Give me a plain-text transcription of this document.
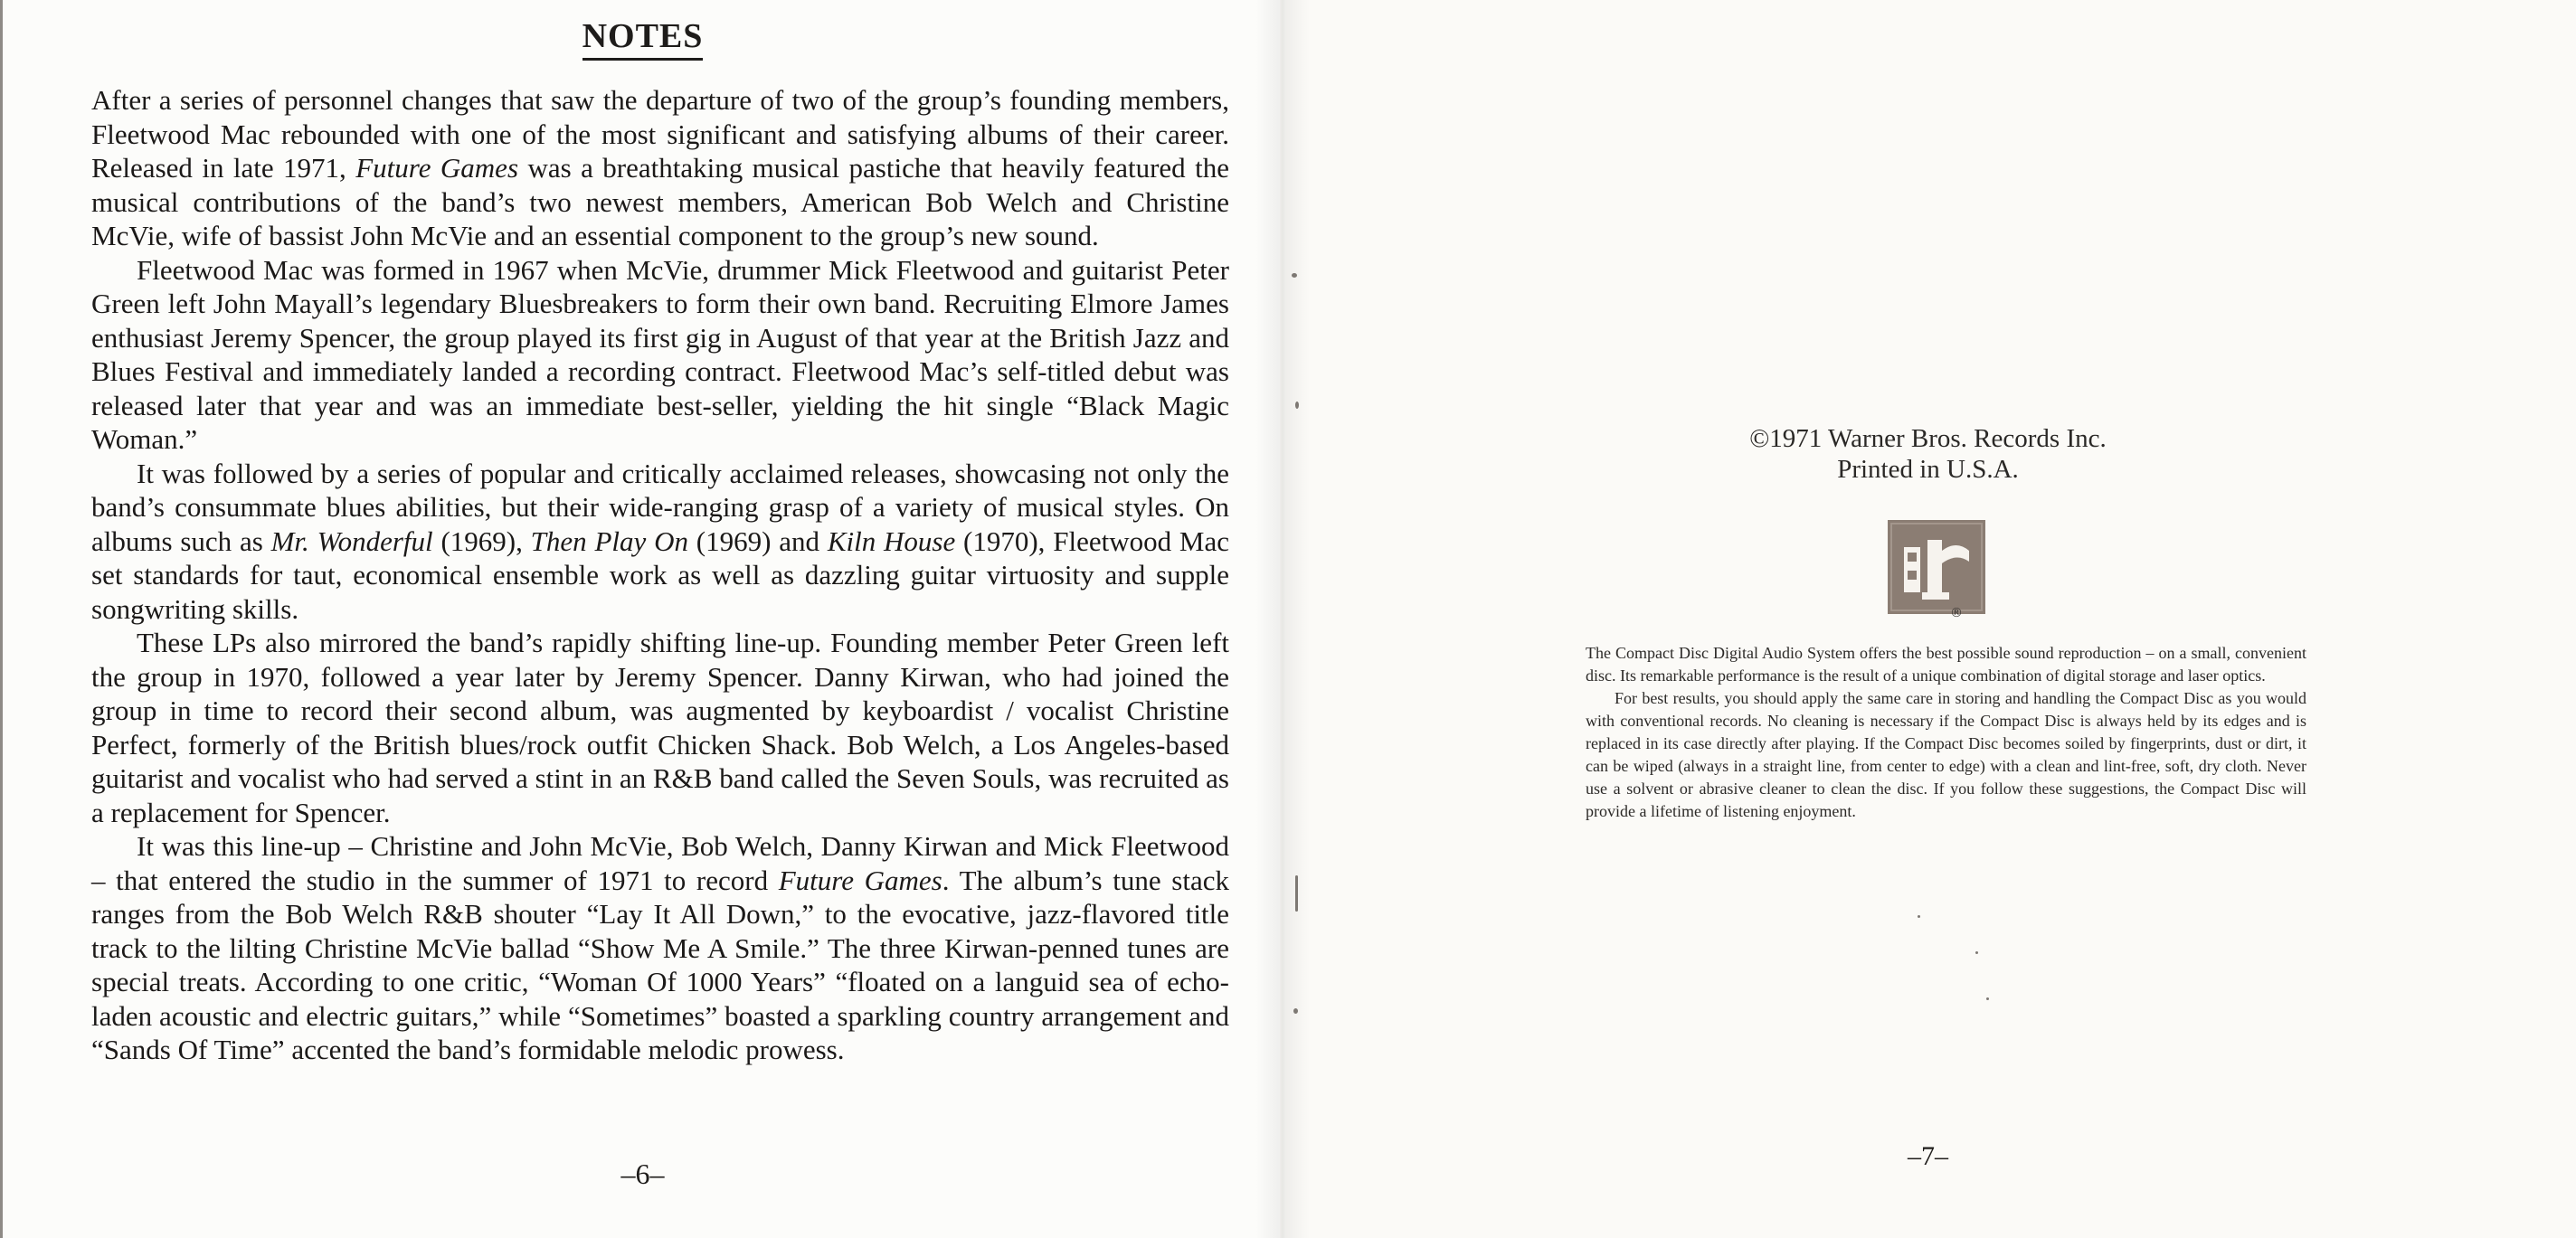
NOTES

After a series of personnel changes that saw the departure of two of the group’s founding members, Fleetwood Mac rebounded with one of the most significant and satisfying albums of their career. Released in late 1971, Future Games was a breathtaking musical pastiche that heavily featured the musical contributions of the band’s two newest members, American Bob Welch and Christine McVie, wife of bassist John McVie and an essential component to the group’s new sound.

Fleetwood Mac was formed in 1967 when McVie, drummer Mick Fleetwood and guitarist Peter Green left John Mayall’s legendary Bluesbreakers to form their own band. Recruiting Elmore James enthusiast Jeremy Spencer, the group played its first gig in August of that year at the British Jazz and Blues Festival and immediately landed a recording contract. Fleetwood Mac’s self-titled debut was released later that year and was an immediate best-seller, yielding the hit single “Black Magic Woman.”

It was followed by a series of popular and critically acclaimed releases, showcasing not only the band’s consummate blues abilities, but their wide-ranging grasp of a variety of musical styles. On albums such as Mr. Wonderful (1969), Then Play On (1969) and Kiln House (1970), Fleetwood Mac set standards for taut, economical ensemble work as well as dazzling guitar virtuosity and supple songwriting skills.

These LPs also mirrored the band’s rapidly shifting line-up. Founding member Peter Green left the group in 1970, followed a year later by Jeremy Spencer. Danny Kirwan, who had joined the group in time to record their second album, was augmented by keyboardist / vocalist Christine Perfect, formerly of the British blues/rock outfit Chicken Shack. Bob Welch, a Los Angeles-based guitarist and vocalist who had served a stint in an R&B band called the Seven Souls, was recruited as a replacement for Spencer.

It was this line-up – Christine and John McVie, Bob Welch, Danny Kirwan and Mick Fleetwood – that entered the studio in the summer of 1971 to record Future Games. The album’s tune stack ranges from the Bob Welch R&B shouter “Lay It All Down,” to the evocative, jazz-flavored title track to the lilting Christine McVie ballad “Show Me A Smile.” The three Kirwan-penned tunes are special treats. According to one critic, “Woman Of 1000 Years” “floated on a languid sea of echo-laden acoustic and electric guitars,” while “Sometimes” boasted a sparkling country arrangement and “Sands Of Time” accented the band’s formidable melodic prowess.

–6–
©1971 Warner Bros. Records Inc.
Printed in U.S.A.
®

The Compact Disc Digital Audio System offers the best possible sound reproduction – on a small, convenient disc. Its remarkable performance is the result of a unique combination of digital storage and laser optics.

For best results, you should apply the same care in storing and handling the Compact Disc as you would with conventional records. No cleaning is necessary if the Compact Disc is always held by its edges and is replaced in its case directly after playing. If the Compact Disc becomes soiled by fingerprints, dust or dirt, it can be wiped (always in a straight line, from center to edge) with a clean and lint-free, soft, dry cloth. Never use a solvent or abrasive cleaner to clean the disc. If you follow these suggestions, the Compact Disc will provide a lifetime of listening enjoyment.

–7–
